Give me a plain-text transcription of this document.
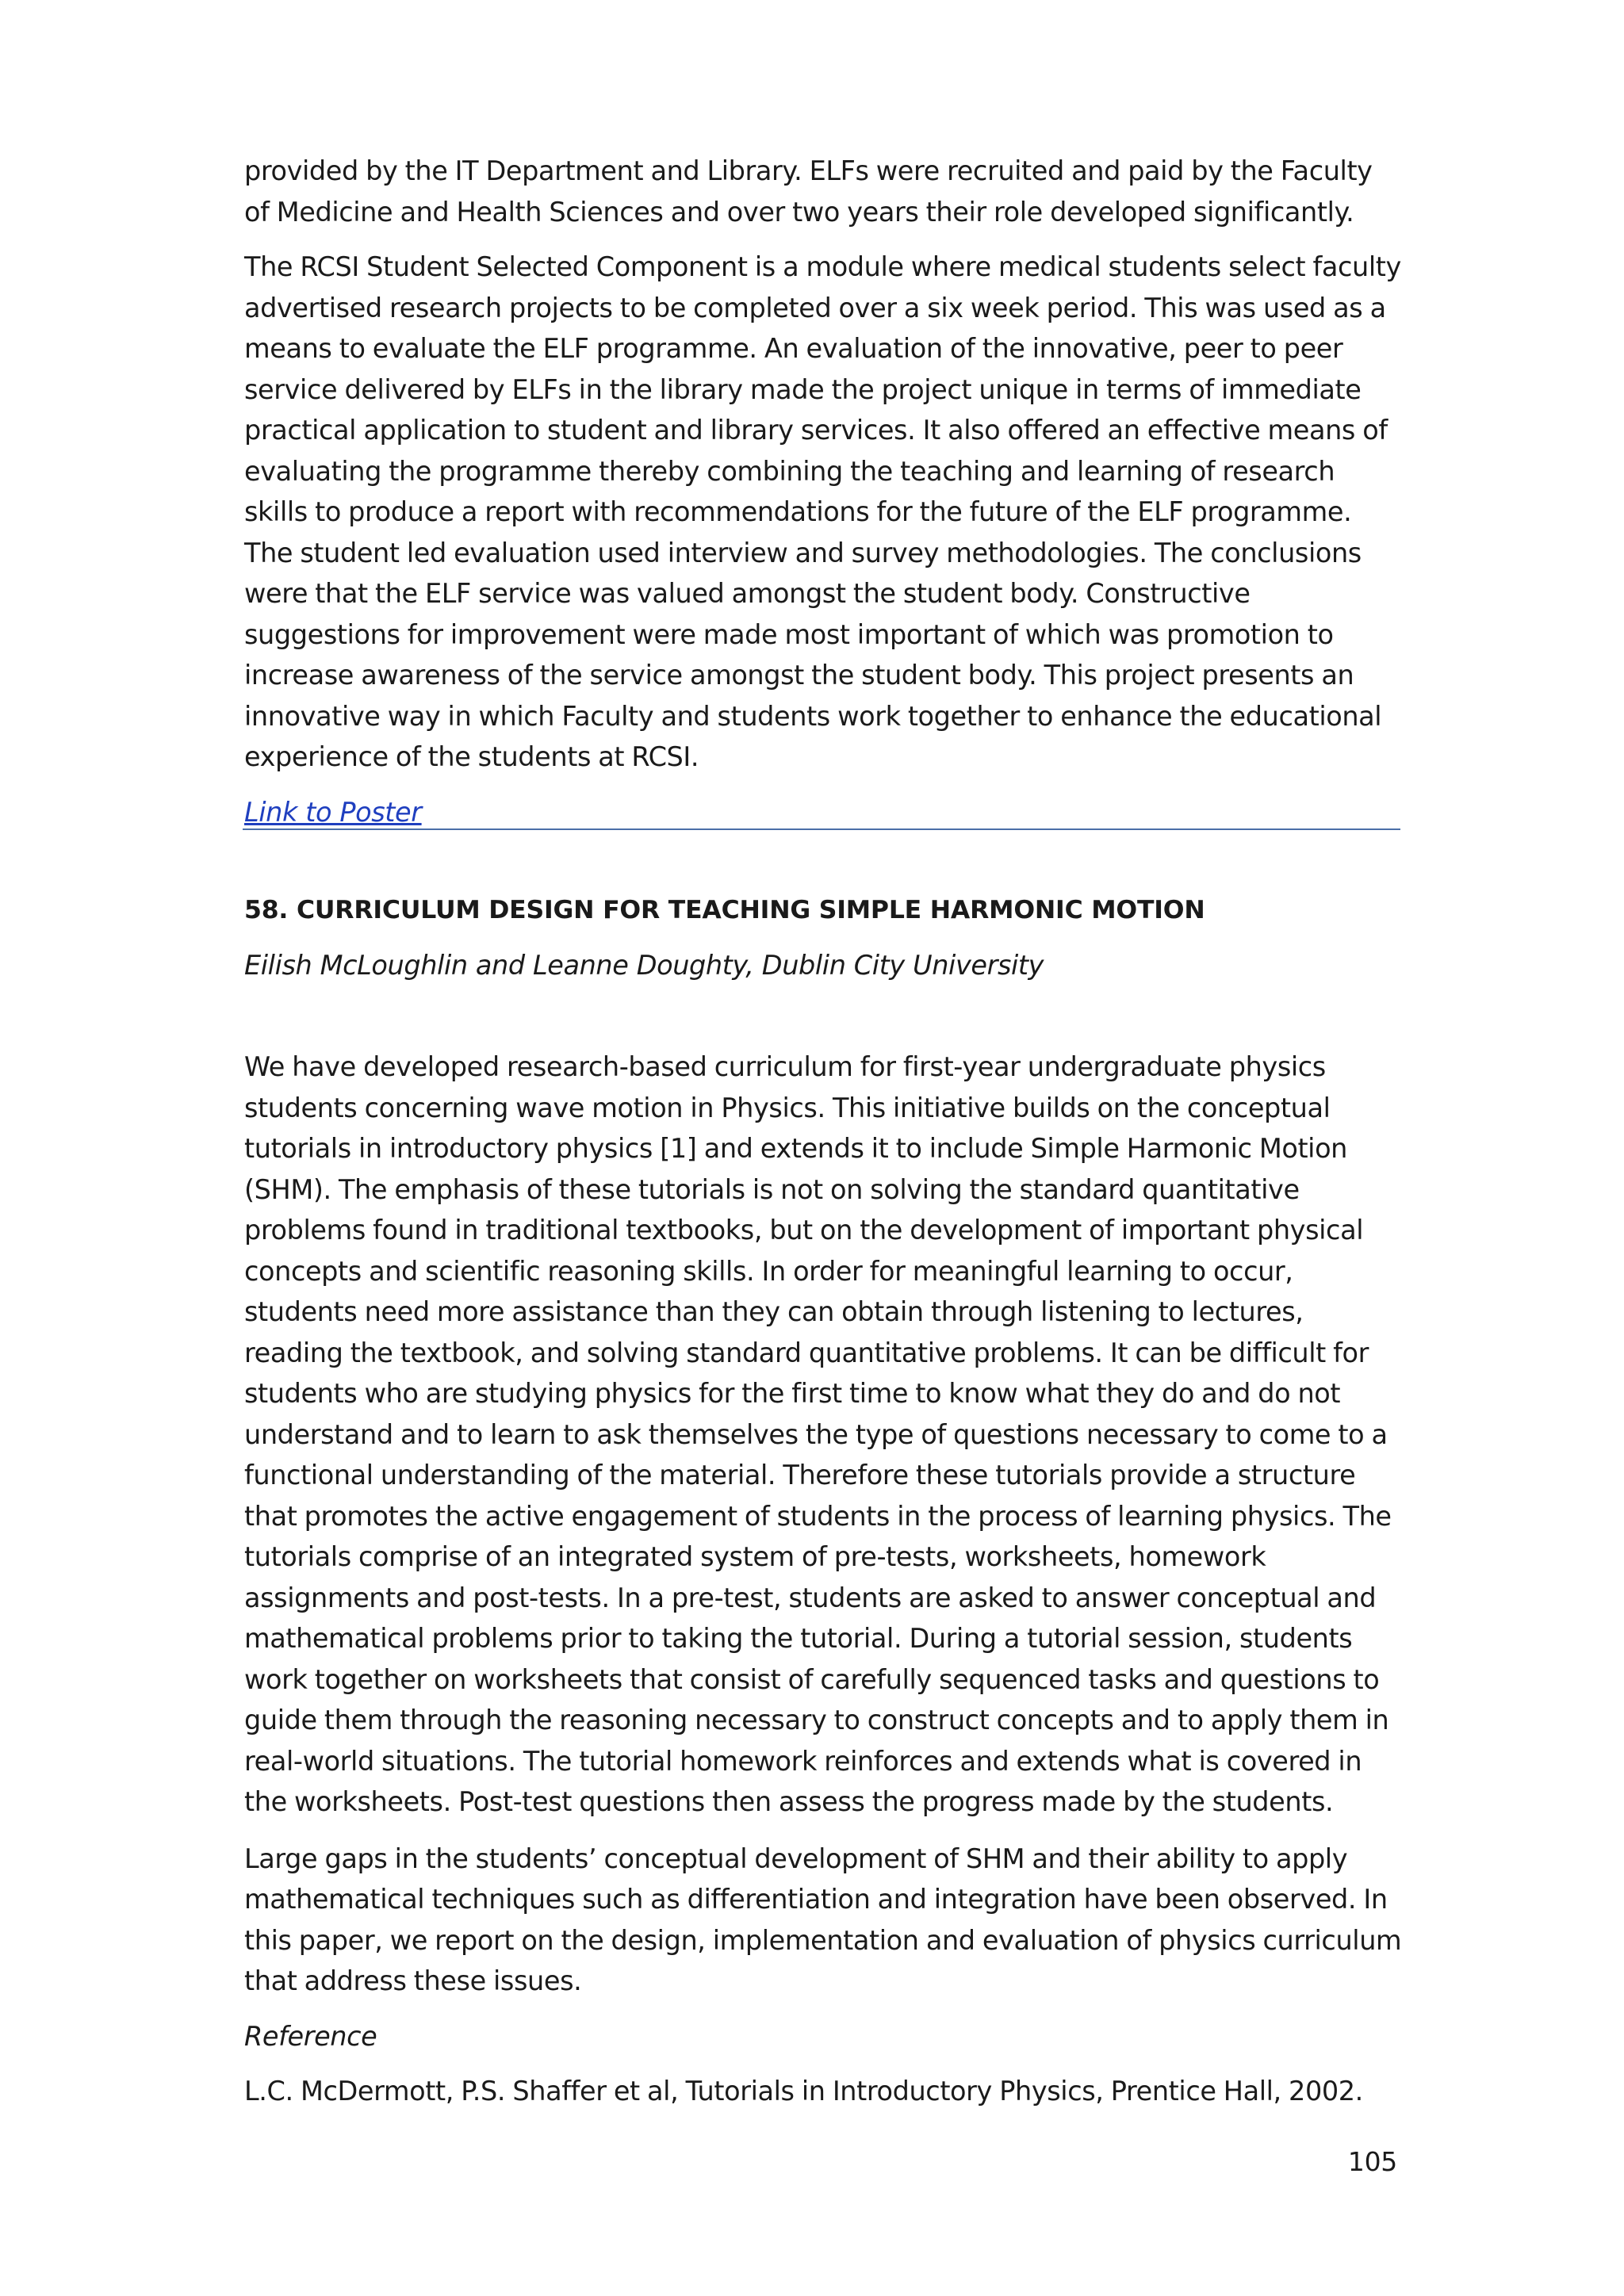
provided by the IT Department and Library. ELFs were recruited and paid by the Faculty of Medicine and Health Sciences and over two years their role developed significantly.

The RCSI Student Selected Component is a module where medical students select faculty advertised research projects to be completed over a six week period. This was used as a means to evaluate the ELF programme. An evaluation of the innovative, peer to peer service delivered by ELFs in the library made the project unique in terms of immediate practical application to student and library services. It also offered an effective means of evaluating the programme thereby combining the teaching and learning of research skills to produce a report with recommendations for the future of the ELF programme. The student led evaluation used interview and survey methodologies. The conclusions were that the ELF service was valued amongst the student body. Constructive suggestions for improvement were made most important of which was promotion to increase awareness of the service amongst the student body. This project presents an innovative way in which Faculty and students work together to enhance the educational experience of the students at RCSI.

Link to Poster
58. CURRICULUM DESIGN FOR TEACHING SIMPLE HARMONIC MOTION
Eilish McLoughlin and Leanne Doughty, Dublin City University

We have developed research-based curriculum for first-year undergraduate physics students concerning wave motion in Physics. This initiative builds on the conceptual tutorials in introductory physics [1] and extends it to include Simple Harmonic Motion (SHM). The emphasis of these tutorials is not on solving the standard quantitative problems found in traditional textbooks, but on the development of important physical concepts and scientific reasoning skills. In order for meaningful learning to occur, students need more assistance than they can obtain through listening to lectures, reading the textbook, and solving standard quantitative problems. It can be difficult for students who are studying physics for the first time to know what they do and do not understand and to learn to ask themselves the type of questions necessary to come to a functional understanding of the material. Therefore these tutorials provide a structure that promotes the active engagement of students in the process of learning physics. The tutorials comprise of an integrated system of pre-tests, worksheets, homework assignments and post-tests. In a pre-test, students are asked to answer conceptual and mathematical problems prior to taking the tutorial. During a tutorial session, students work together on worksheets that consist of carefully sequenced tasks and questions to guide them through the reasoning necessary to construct concepts and to apply them in real-world situations. The tutorial homework reinforces and extends what is covered in the worksheets. Post-test questions then assess the progress made by the students.

Large gaps in the students’ conceptual development of SHM and their ability to apply mathematical techniques such as differentiation and integration have been observed. In this paper, we report on the design, implementation and evaluation of physics curriculum that address these issues.

Reference

L.C. McDermott, P.S. Shaffer et al, Tutorials in Introductory Physics, Prentice Hall, 2002.

105
